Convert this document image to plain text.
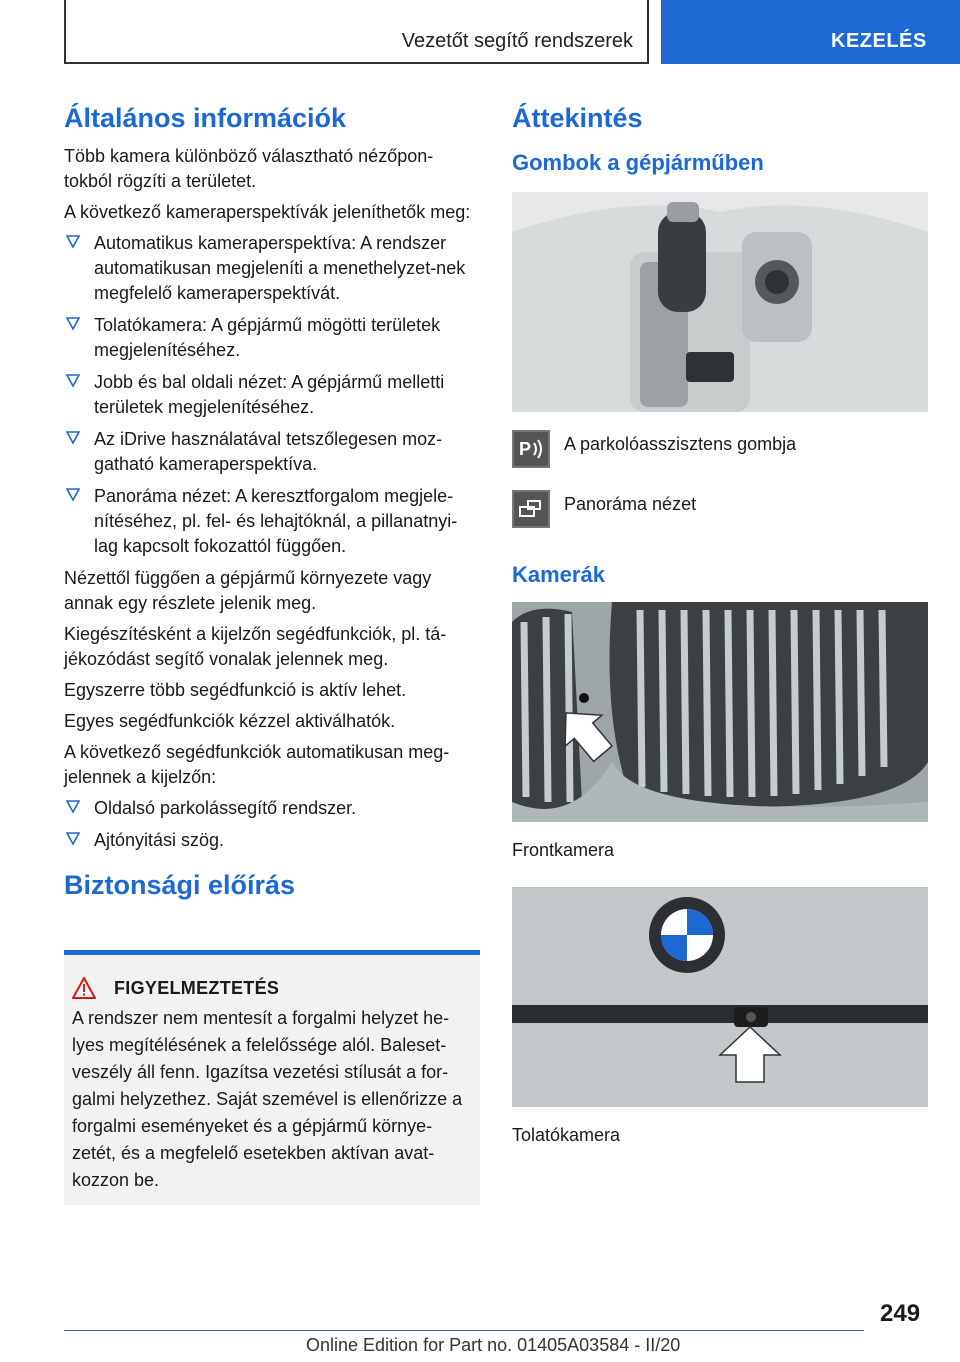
Vezetőt segítő rendszerek	KEZELÉS
Általános információk

Több kamera különböző választható nézőpon-tokból rögzíti a területet.

A következő kameraperspektívák jeleníthetők meg:

Automatikus kameraperspektíva: A rendszer automatikusan megjeleníti a menethelyzet-nek megfelelő kameraperspektívát.
Tolatókamera: A gépjármű mögötti területek megjelenítéséhez.
Jobb és bal oldali nézet: A gépjármű melletti területek megjelenítéséhez.
Az iDrive használatával tetszőlegesen moz-gatható kameraperspektíva.
Panoráma nézet: A keresztforgalom megjele-nítéséhez, pl. fel- és lehajtóknál, a pillanatnyi-lag kapcsolt fokozattól függően.

Nézettől függően a gépjármű környezete vagy annak egy részlete jelenik meg.

Kiegészítésként a kijelzőn segédfunkciók, pl. tá-jékozódást segítő vonalak jelennek meg.

Egyszerre több segédfunkció is aktív lehet.

Egyes segédfunkciók kézzel aktiválhatók.

A következő segédfunkciók automatikusan meg-jelennek a kijelzőn:

Oldalsó parkolássegítő rendszer.
Ajtónyitási szög.
Biztonsági előírás
FIGYELMEZTETÉS

A rendszer nem mentesít a forgalmi helyzet he-lyes megítélésének a felelőssége alól. Baleset-veszély áll fenn. Igazítsa vezetési stílusát a for-galmi helyzethez. Saját szemével is ellenőrizze a forgalmi eseményeket és a gépjármű környe-zetét, és a megfelelő esetekben aktívan avat-kozzon be.

Áttekintés
Gombok a gépjárműben
P A parkolóasszisztens gombja
Panoráma nézet
Kamerák

Frontkamera

Tolatókamera

249
Online Edition for Part no. 01405A03584 - II/20
